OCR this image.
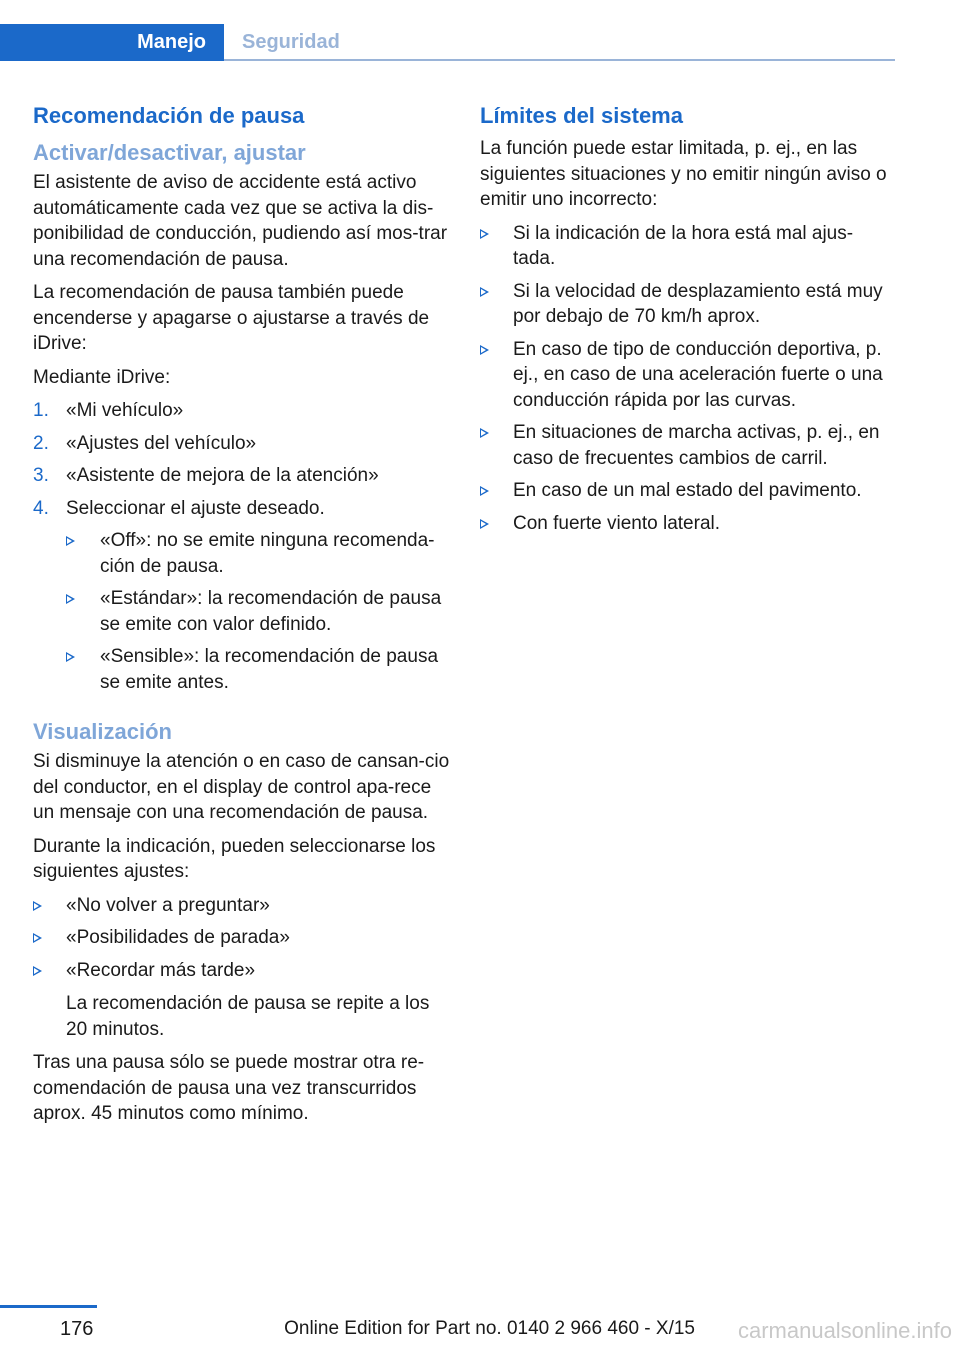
Manejo	Seguridad
Recomendación de pausa
Activar/desactivar, ajustar

El asistente de aviso de accidente está activo automáticamente cada vez que se activa la dis‐ponibilidad de conducción, pudiendo así mos‐trar una recomendación de pausa.

La recomendación de pausa también puede encenderse y apagarse o ajustarse a través de iDrive:

Mediante iDrive:

1. «Mi vehículo»
2. «Ajustes del vehículo»
3. «Asistente de mejora de la atención»
4. Seleccionar el ajuste deseado.
«Off»: no se emite ninguna recomenda‐ción de pausa.
«Estándar»: la recomendación de pausa se emite con valor definido.
«Sensible»: la recomendación de pausa se emite antes.
Visualización

Si disminuye la atención o en caso de cansan‐cio del conductor, en el display de control apa‐rece un mensaje con una recomendación de pausa.

Durante la indicación, pueden seleccionarse los siguientes ajustes:

«No volver a preguntar»
«Posibilidades de parada»
«Recordar más tarde»
La recomendación de pausa se repite a los 20 minutos.

Tras una pausa sólo se puede mostrar otra re‐comendación de pausa una vez transcurridos aprox. 45 minutos como mínimo.

Límites del sistema

La función puede estar limitada, p. ej., en las siguientes situaciones y no emitir ningún aviso o emitir uno incorrecto:

Si la indicación de la hora está mal ajus‐tada.
Si la velocidad de desplazamiento está muy por debajo de 70 km/h aprox.
En caso de tipo de conducción deportiva, p. ej., en caso de una aceleración fuerte o una conducción rápida por las curvas.
En situaciones de marcha activas, p. ej., en caso de frecuentes cambios de carril.
En caso de un mal estado del pavimento.
Con fuerte viento lateral.
176	Online Edition for Part no. 0140 2 966 460 - X/15 carmanualsonline.info
